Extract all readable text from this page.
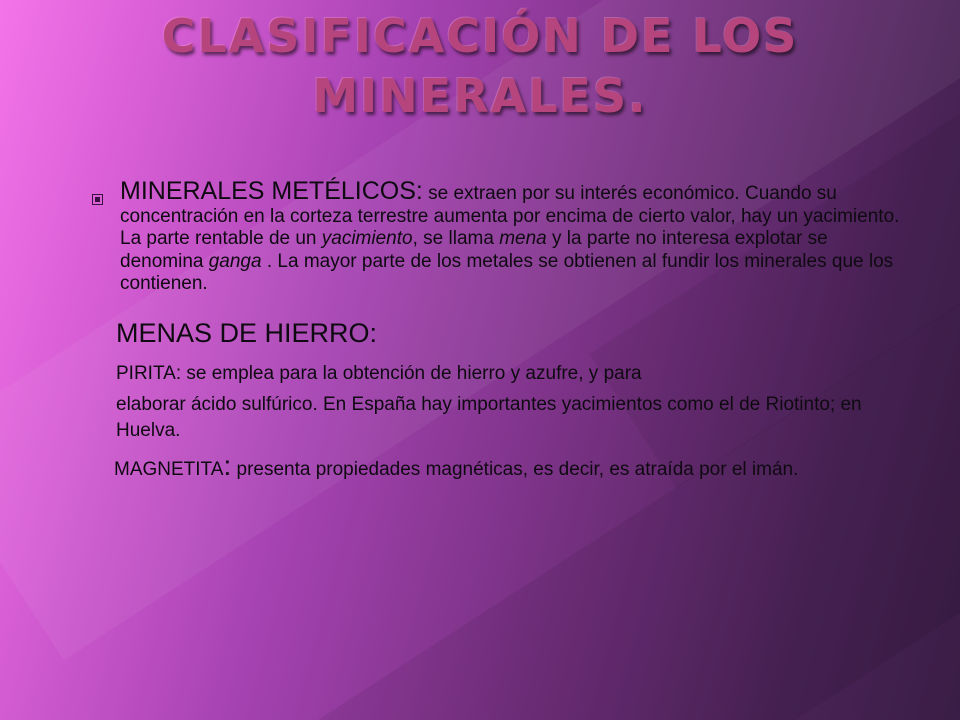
CLASIFICACIÓN DE LOS
MINERALES.
MINERALES METÉLICOS: se extraen por su interés económico. Cuando su concentración en la corteza terrestre aumenta por encima de cierto valor, hay un yacimiento. La parte rentable de un yacimiento, se llama mena y la parte no interesa explotar se denomina ganga . La mayor parte de los metales se obtienen al fundir los minerales que los contienen.
MENAS DE HIERRO:
PIRITA: se emplea para la obtención de hierro y azufre, y para
elaborar ácido sulfúrico. En España hay importantes yacimientos como el de Riotinto; en Huelva.
MAGNETITA: presenta propiedades magnéticas, es decir, es atraída por el imán.
